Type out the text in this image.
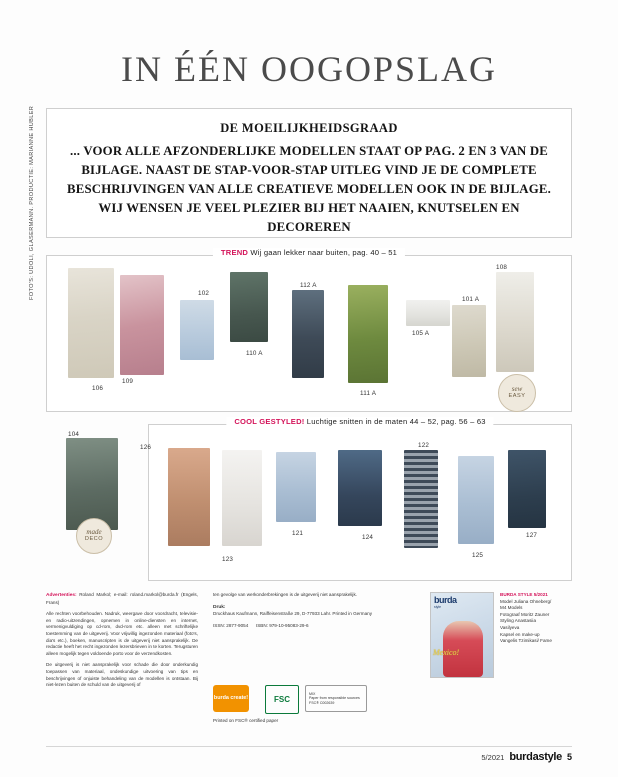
IN ÉÉN OOGOPSLAG
DE MOEILIJKHEIDSGRAAD
... VOOR ALLE AFZONDERLIJKE MODELLEN STAAT OP PAG. 2 EN 3 VAN DE BIJLAGE. NAAST DE STAP-VOOR-STAP UITLEG VIND JE DE COMPLETE BESCHRIJVINGEN VAN ALLE CREATIEVE MODELLEN OOK IN DE BIJLAGE. WIJ WENSEN JE VEEL PLEZIER BIJ HET NAAIEN, KNUTSELEN EN DECOREREN
FOTO'S: UDOLI, GLASERMANN. PRODUCTIE: MARIANNE HUBLER	TREND Wij gaan lekker naar buiten, pag. 40 – 51
106
109
102
110 A
112 A
111 A
105 A
101 A
108
sew
EASY
COOL GESTYLED! Luchtige snitten in de maten 44 – 52, pag. 56 – 63
104
made
DECO
126
123
121
124
122
125
127

Advertenties: Roland Markol; e-mail: roland.markol@burda.fr (Engels, Frans)

Alle rechten voorbehouden. Nadruk, weergave door voordracht, televisie- en radio-uitzendingen, opnemen in online-diensten en internet, vermenigvuldiging op cd-rom, dvd-rom etc. alleen met schriftelijke toestemming van de uitgeverij. Voor vrijwillig ingezonden materiaal (foto's, dia's etc.), boeken, manuscripten is de uitgeverij niet aansprakelijk. De redactie heeft het recht ingezonden lezersbrieven in te korten. Terugsturen alleen mogelijk tegen voldoende porto voor de verzendkosten.

De uitgeverij is niet aansprakelijk voor schade die door onderkundig toepassen van materiaal, ondeskundige uitvoering van tips en beschrijvingen of onjuiste behandeling van de modellen is ontstaan. Bij niet-lezen buiten de schuld van de uitgeverij of

ten gevolge van werkonderbrekingen is de uitgeverij niet aansprakelijk.

Druk:
Druckhaus Kaufmann, Raiffeisenstraße 29, D-77933 Lahr. Printed in Germany

ISSN: 2877-9054 ISBN: 979-10-95083-29-6

burda create!	FSC
MIX
Paper from responsible sources
FSC® C002639
Printed on FSC® certified paper
burda
style
Mexico!
BURDA STYLE 5/2021
Model Juliana Ohneberg/
M4 Models
Fotograaf Moritz Zauner
Styling Anastasiia
Vasilyeva
Kapsel en make-up
Vangelis Tzimikasi/ Fame
5/2021 burdastyle 5
